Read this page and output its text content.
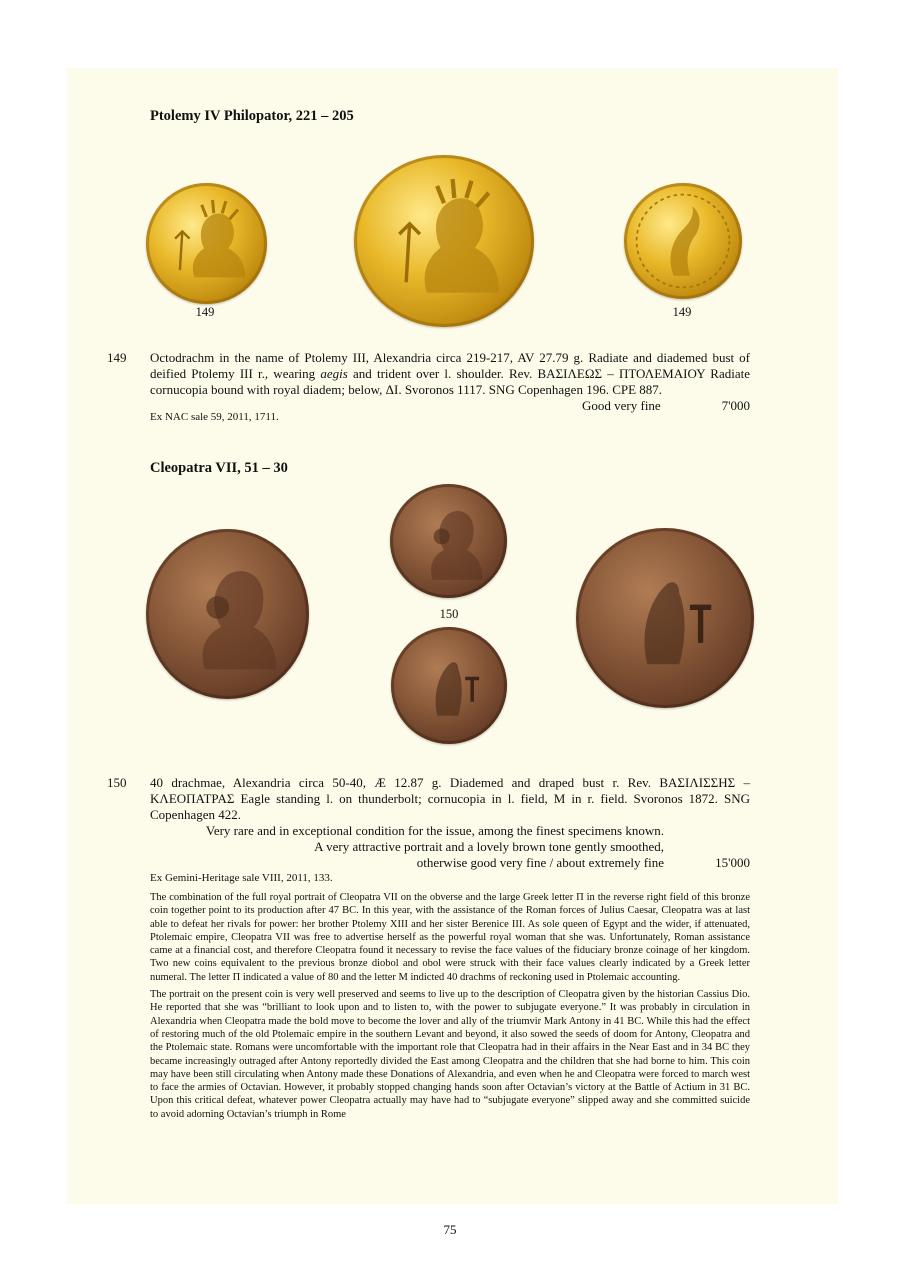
Ptolemy IV Philopator, 221 – 205
149	149
149 Octodrachm in the name of Ptolemy III, Alexandria circa 219-217, AV 27.79 g. Radiate and diademed bust of deified Ptolemy III r., wearing aegis and trident over l. shoulder. Rev. ΒΑΣΙΛΕΩΣ – ΠΤΟΛΕΜΑΙΟΥ Radiate cornucopia bound with royal diadem; below, ΔΙ. Svoronos 1117. SNG Copenhagen 196. CPE 887.

Good very fine	7'000
Ex NAC sale 59, 2011, 1711.
Cleopatra VII, 51 – 30
150
150 40 drachmae, Alexandria circa 50-40, Æ 12.87 g. Diademed and draped bust r. Rev. ΒΑΣΙΛΙΣΣΗΣ – ΚΛΕΟΠΑΤΡΑΣ Eagle standing l. on thunderbolt; cornucopia in l. field, M in r. field. Svoronos 1872. SNG Copenhagen 422.
Very rare and in exceptional condition for the issue, among the finest specimens known.
A very attractive portrait and a lovely brown tone gently smoothed,
otherwise good very fine / about extremely fine	15'000
Ex Gemini-Heritage sale VIII, 2011, 133.

The combination of the full royal portrait of Cleopatra VII on the obverse and the large Greek letter Π in the reverse right field of this bronze coin together point to its production after 47 BC. In this year, with the assistance of the Roman forces of Julius Caesar, Cleopatra was at last able to defeat her rivals for power: her brother Ptolemy XIII and her sister Berenice III. As sole queen of Egypt and the wider, if attenuated, Ptolemaic empire, Cleopatra VII was free to advertise herself as the powerful royal woman that she was. Unfortunately, Roman assistance came at a financial cost, and therefore Cleopatra found it necessary to revise the face values of the fiduciary bronze coinage of her kingdom. Two new coins equivalent to the previous bronze diobol and obol were struck with their face values clearly indicated by a Greek letter numeral. The letter Π indicated a value of 80 and the letter M indicted 40 drachms of reckoning used in Ptolemaic accounting.

The portrait on the present coin is very well preserved and seems to live up to the description of Cleopatra given by the historian Cassius Dio. He reported that she was “brilliant to look upon and to listen to, with the power to subjugate everyone.” It was probably in circulation in Alexandria when Cleopatra made the bold move to become the lover and ally of the triumvir Mark Antony in 41 BC. While this had the effect of restoring much of the old Ptolemaic empire in the southern Levant and beyond, it also sowed the seeds of doom for Antony, Cleopatra and the Ptolemaic state. Romans were uncomfortable with the important role that Cleopatra had in their affairs in the Near East and in 34 BC they became increasingly outraged after Antony reportedly divided the East among Cleopatra and the children that she had borne to him. This coin may have been still circulating when Antony made these Donations of Alexandria, and even when he and Cleopatra were forced to march west to face the armies of Octavian. However, it probably stopped changing hands soon after Octavian’s victory at the Battle of Actium in 31 BC. Upon this critical defeat, whatever power Cleopatra actually may have had to “subjugate everyone” slipped away and she committed suicide to avoid adorning Octavian’s triumph in Rome

75
